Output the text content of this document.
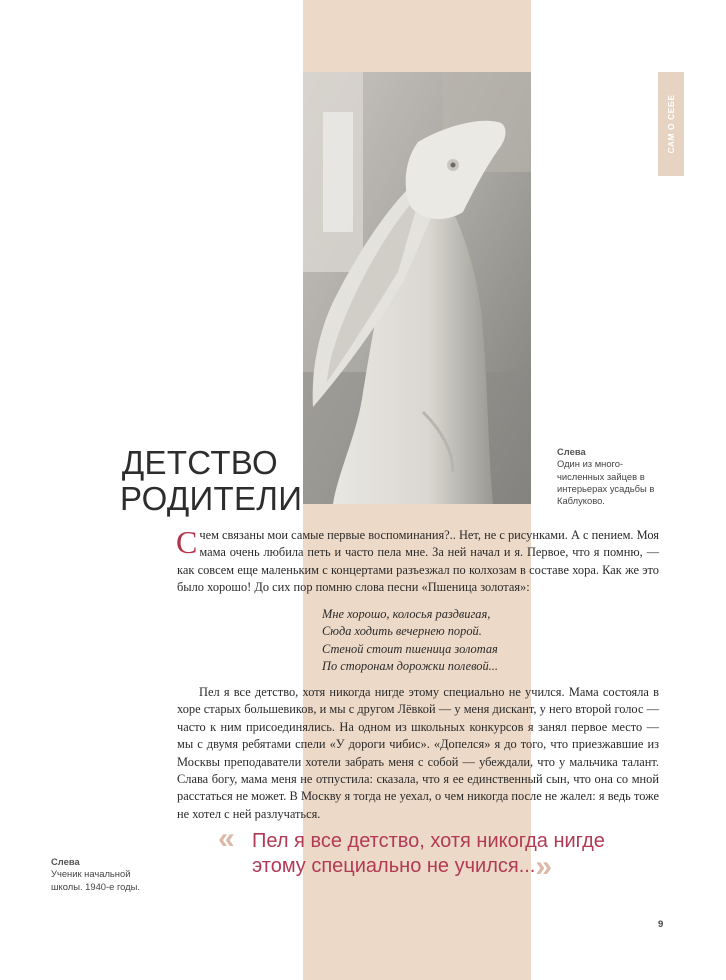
САМ О СЕБЕ
ДЕТСТВО
РОДИТЕЛИ
Слева
Один из много-численных зайцев в интерьерах усадьбы в Каблуково.
С чем связаны мои самые первые воспоминания?.. Нет, не с рисунками. А с пением. Моя мама очень любила петь и часто пела мне. За ней начал и я. Первое, что я помню, — как совсем еще маленьким с концертами разъезжал по колхозам в составе хора. Как же это было хорошо! До сих пор помню слова песни «Пшеница золотая»:
Мне хорошо, колосья раздвигая,
Сюда ходить вечернею порой.
Стеной стоит пшеница золотая
По сторонам дорожки полевой...
Пел я все детство, хотя никогда нигде этому специально не учился. Мама состояла в хоре старых большевиков, и мы с другом Лёвкой — у меня дискант, у него второй голос — часто к ним присоединялись. На одном из школьных конкурсов я занял первое место — мы с двумя ребятами спели «У дороги чибис». «Допелся» я до того, что приезжавшие из Москвы преподаватели хотели забрать меня с собой — убеждали, что у мальчика талант. Слава богу, мама меня не отпустила: сказала, что я ее единственный сын, что она со мной расстаться не может. В Москву я тогда не уехал, о чем никогда после не жалел: я ведь тоже не хотел с ней разлучаться.
Слева
Ученик начальной школы. 1940-е годы.
« Пел я все детство, хотя никогда нигде этому специально не учился...»
9
